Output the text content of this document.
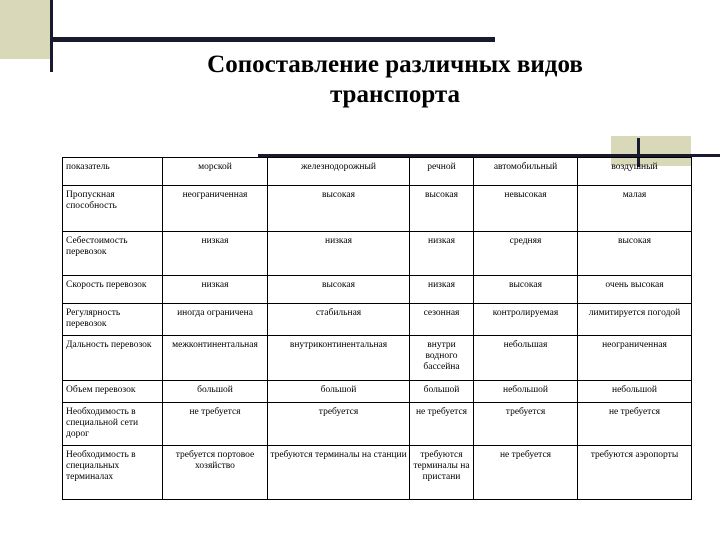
Сопоставление различных видов
транспорта
показатель	морской	железнодорожный	речной	автомобильный	воздушный
Пропускная способность	неограниченная	высокая	высокая	невысокая	малая
Себестоимость перевозок	низкая	низкая	низкая	средняя	высокая
Скорость перевозок	низкая	высокая	низкая	высокая	очень высокая
Регулярность перевозок	иногда ограничена	стабильная	сезонная	контролируемая	лимитируется погодой
Дальность перевозок	межконтинентальная	внутриконтинентальная	внутри водного бассейна	небольшая	неограниченная
Объем перевозок	большой	большой	большой	небольшой	небольшой
Необходимость в специальной сети дорог	не требуется	требуется	не требуется	требуется	не требуется
Необходимость в специальных терминалах	требуется портовое хозяйство	требуются терминалы на станции	требуются терминалы на пристани	не требуется	требуются аэропорты
